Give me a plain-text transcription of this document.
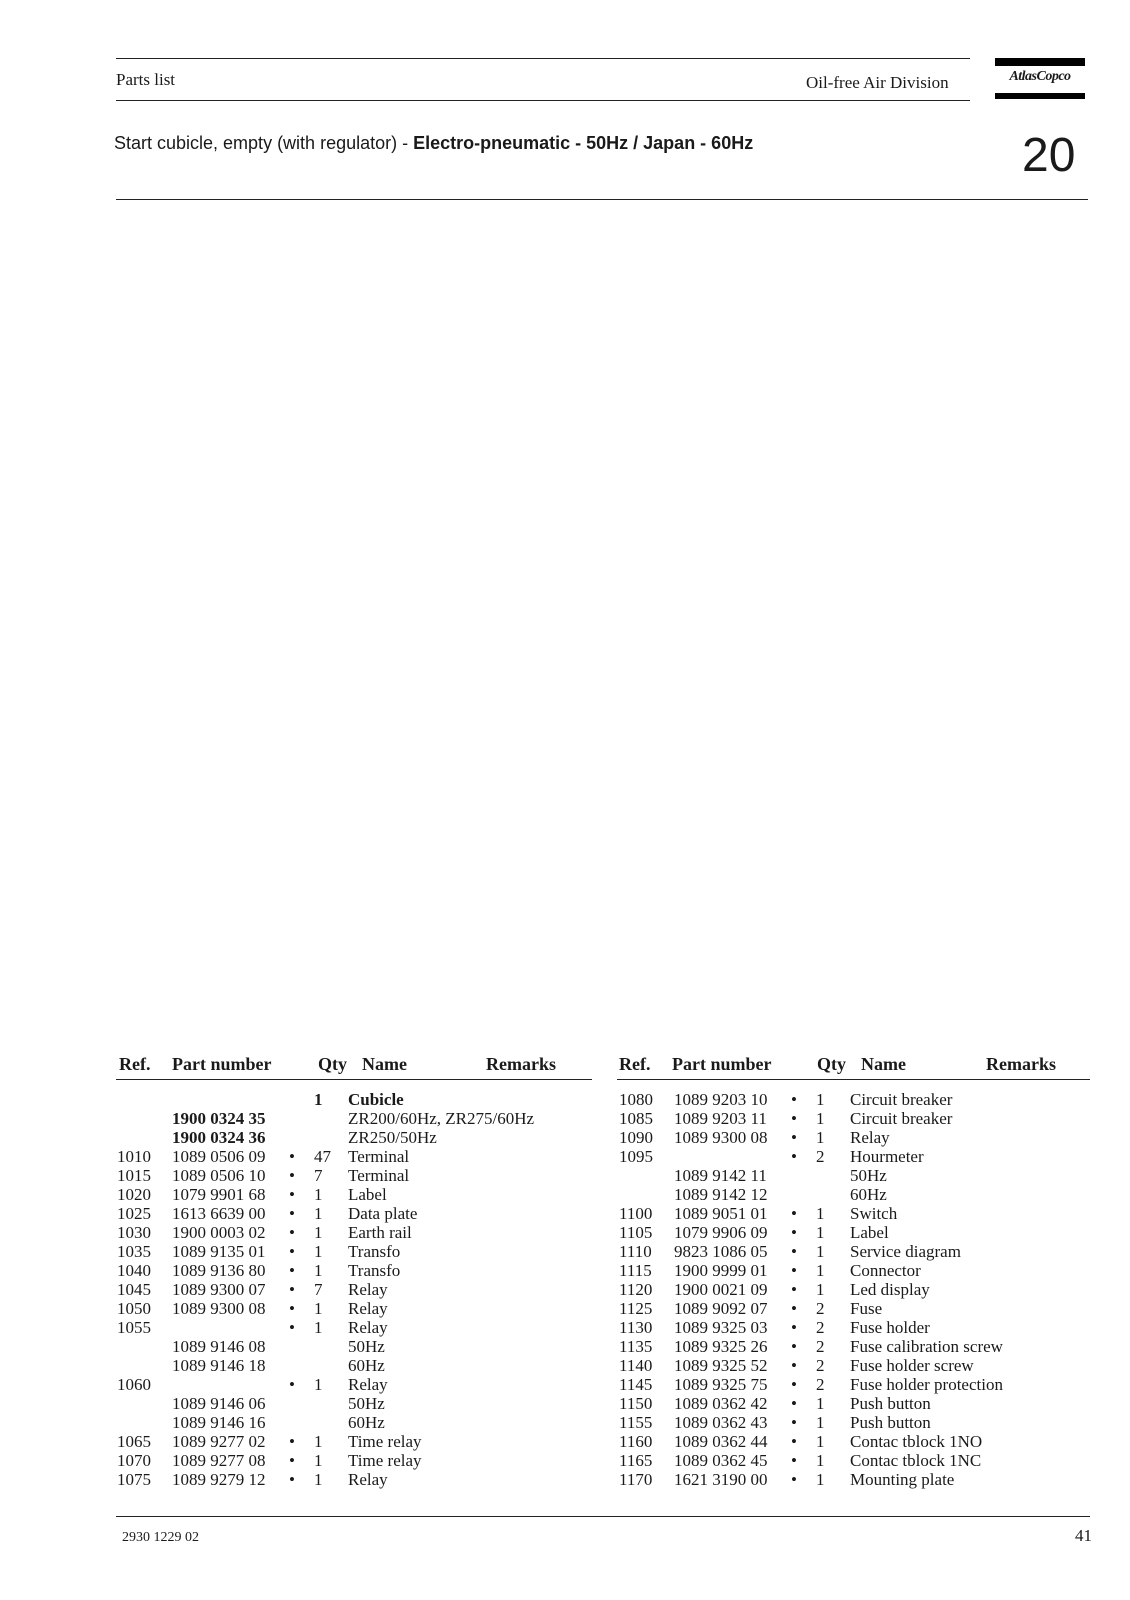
Parts list	Oil-free Air Division	AtlasCopco
Start cubicle, empty (with regulator) - Electro-pneumatic - 50Hz / Japan - 60Hz	20
Ref. Part number	Qty Name	Remarks	Ref. Part number	Qty Name	Remarks
			1	Cubicle
	1900 0324 35			ZR200/60Hz, ZR275/60Hz
	1900 0324 36			ZR250/50Hz
1010	1089 0506 09	•	47	Terminal
1015	1089 0506 10	•	7	Terminal
1020	1079 9901 68	•	1	Label
1025	1613 6639 00	•	1	Data plate
1030	1900 0003 02	•	1	Earth rail
1035	1089 9135 01	•	1	Transfo
1040	1089 9136 80	•	1	Transfo
1045	1089 9300 07	•	7	Relay
1050	1089 9300 08	•	1	Relay
1055		•	1	Relay
	1089 9146 08			50Hz
	1089 9146 18			60Hz
1060		•	1	Relay
	1089 9146 06			50Hz
	1089 9146 16			60Hz
1065	1089 9277 02	•	1	Time relay
1070	1089 9277 08	•	1	Time relay
1075	1089 9279 12	•	1	Relay
1080	1089 9203 10	•	1	Circuit breaker
1085	1089 9203 11	•	1	Circuit breaker
1090	1089 9300 08	•	1	Relay
1095		•	2	Hourmeter
	1089 9142 11			50Hz
	1089 9142 12			60Hz
1100	1089 9051 01	•	1	Switch
1105	1079 9906 09	•	1	Label
1110	9823 1086 05	•	1	Service diagram
1115	1900 9999 01	•	1	Connector
1120	1900 0021 09	•	1	Led display
1125	1089 9092 07	•	2	Fuse
1130	1089 9325 03	•	2	Fuse holder
1135	1089 9325 26	•	2	Fuse calibration screw
1140	1089 9325 52	•	2	Fuse holder screw
1145	1089 9325 75	•	2	Fuse holder protection
1150	1089 0362 42	•	1	Push button
1155	1089 0362 43	•	1	Push button
1160	1089 0362 44	•	1	Contac tblock 1NO
1165	1089 0362 45	•	1	Contac tblock 1NC
1170	1621 3190 00	•	1	Mounting plate
2930 1229 02	41
